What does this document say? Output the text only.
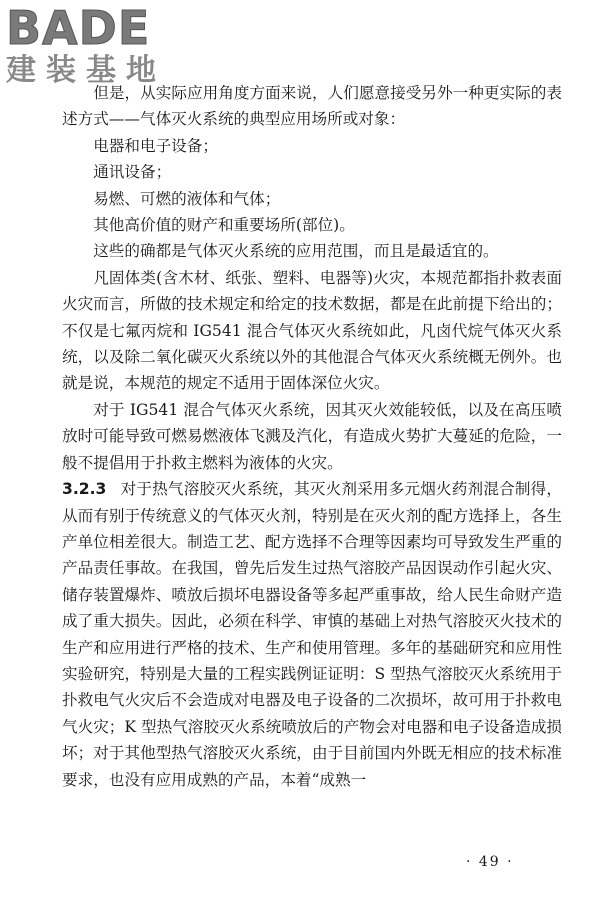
BADE
建装基地

但是，从实际应用角度方面来说，人们愿意接受另外一种更实际的表述方式——气体灭火系统的典型应用场所或对象：

电器和电子设备；

通讯设备；

易燃、可燃的液体和气体；

其他高价值的财产和重要场所(部位)。

这些的确都是气体灭火系统的应用范围，而且是最适宜的。

凡固体类(含木材、纸张、塑料、电器等)火灾，本规范都指扑救表面火灾而言，所做的技术规定和给定的技术数据，都是在此前提下给出的；不仅是七氟丙烷和 IG541 混合气体灭火系统如此，凡卤代烷气体灭火系统，以及除二氧化碳灭火系统以外的其他混合气体灭火系统概无例外。也就是说，本规范的规定不适用于固体深位火灾。

对于 IG541 混合气体灭火系统，因其灭火效能较低，以及在高压喷放时可能导致可燃易燃液体飞溅及汽化，有造成火势扩大蔓延的危险，一般不提倡用于扑救主燃料为液体的火灾。

3.2.3 对于热气溶胶灭火系统，其灭火剂采用多元烟火药剂混合制得，从而有别于传统意义的气体灭火剂，特别是在灭火剂的配方选择上，各生产单位相差很大。制造工艺、配方选择不合理等因素均可导致发生严重的产品责任事故。在我国，曾先后发生过热气溶胶产品因误动作引起火灾、储存装置爆炸、喷放后损坏电器设备等多起严重事故，给人民生命财产造成了重大损失。因此，必须在科学、审慎的基础上对热气溶胶灭火技术的生产和应用进行严格的技术、生产和使用管理。多年的基础研究和应用性实验研究，特别是大量的工程实践例证证明：S 型热气溶胶灭火系统用于扑救电气火灾后不会造成对电器及电子设备的二次损坏，故可用于扑救电气火灾；K 型热气溶胶灭火系统喷放后的产物会对电器和电子设备造成损坏；对于其他型热气溶胶灭火系统，由于目前国内外既无相应的技术标准要求，也没有应用成熟的产品，本着“成熟一

· 49 ·
